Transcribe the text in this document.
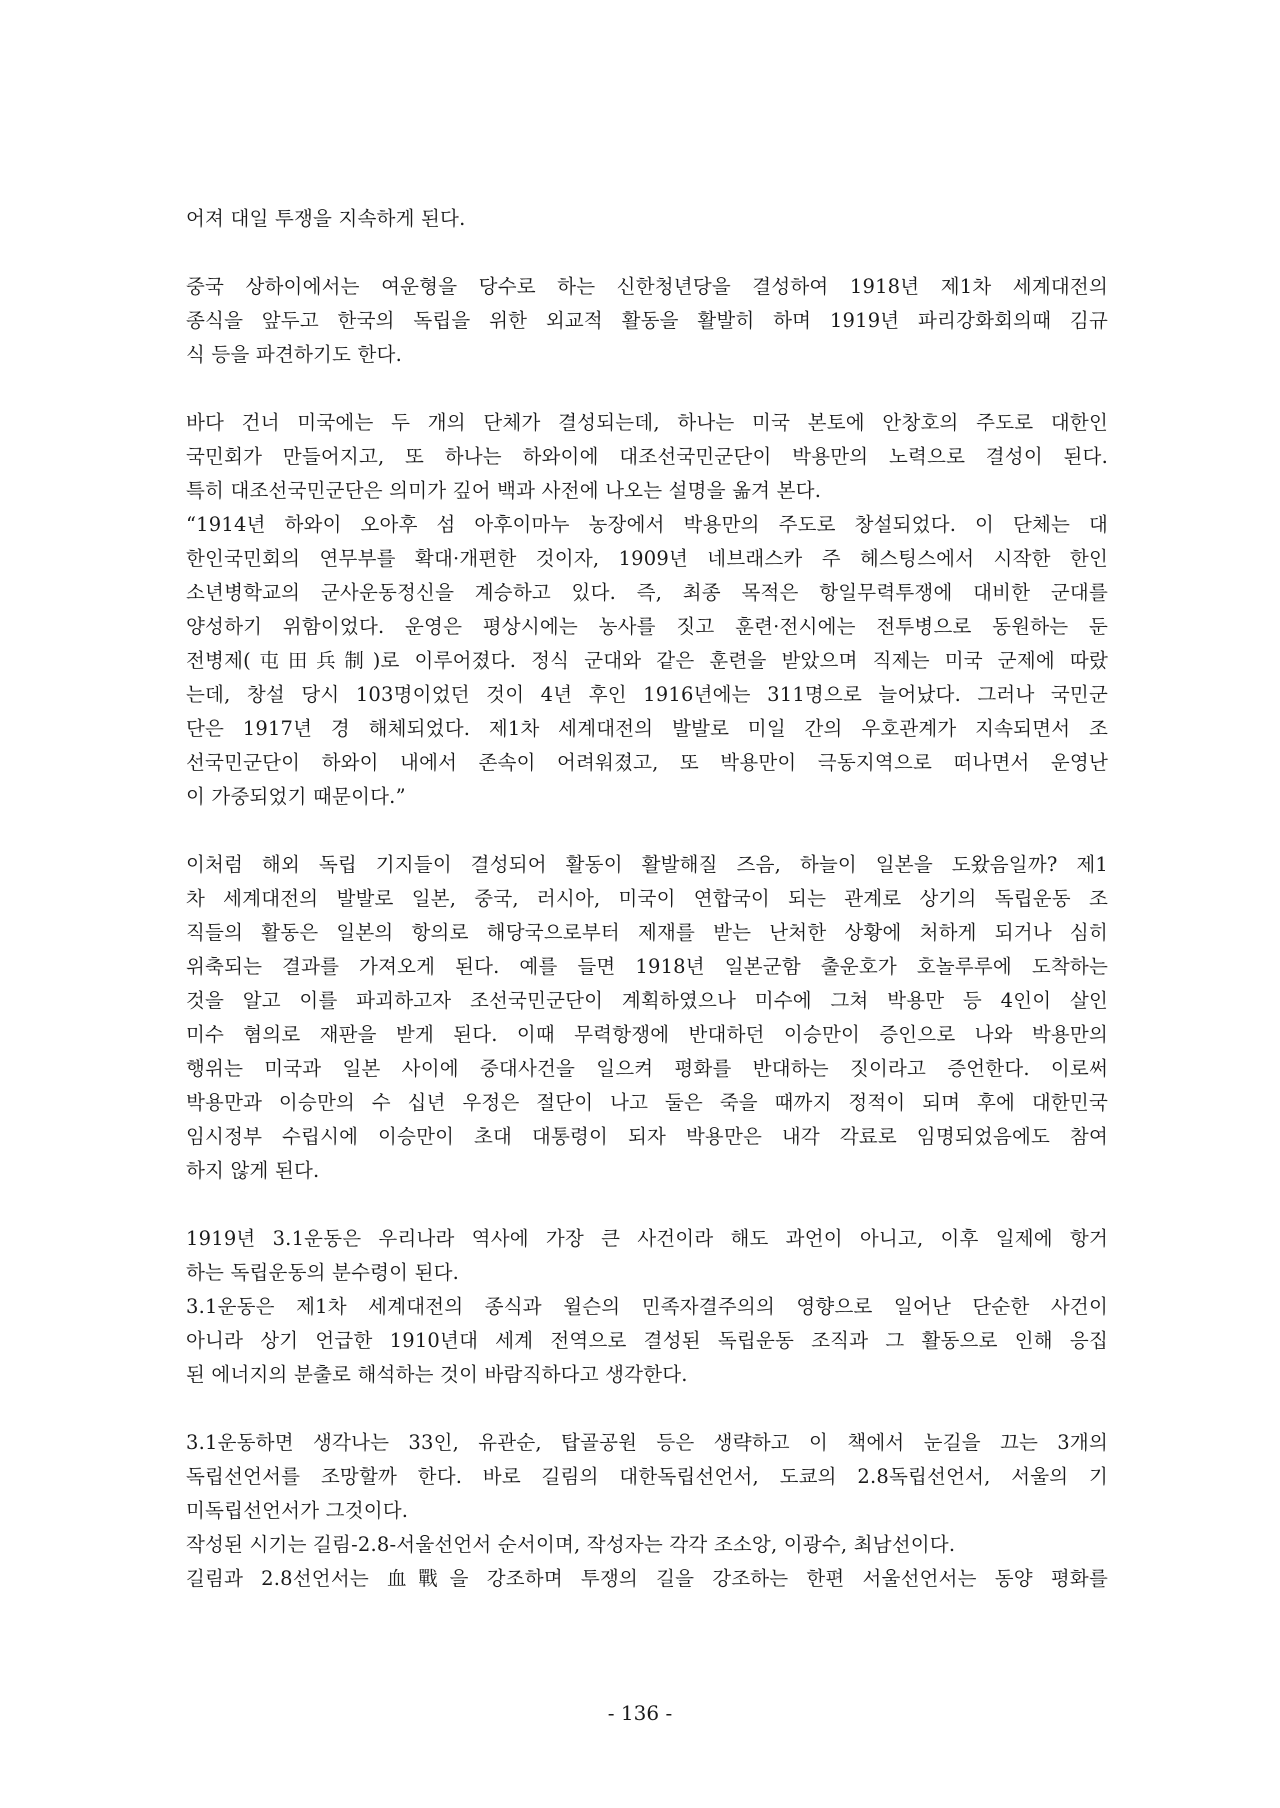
어져 대일 투쟁을 지속하게 된다.
중국 상하이에서는 여운형을 당수로 하는 신한청년당을 결성하여 1918년 제1차 세계대전의
종식을 앞두고 한국의 독립을 위한 외교적 활동을 활발히 하며 1919년 파리강화회의때 김규
식 등을 파견하기도 한다.
바다 건너 미국에는 두 개의 단체가 결성되는데, 하나는 미국 본토에 안창호의 주도로 대한인
국민회가 만들어지고, 또 하나는 하와이에 대조선국민군단이 박용만의 노력으로 결성이 된다.
특히 대조선국민군단은 의미가 깊어 백과 사전에 나오는 설명을 옮겨 본다.
“1914년 하와이 오아후 섬 아후이마누 농장에서 박용만의 주도로 창설되었다. 이 단체는 대
한인국민회의 연무부를 확대·개편한 것이자, 1909년 네브래스카 주 헤스팅스에서 시작한 한인
소년병학교의 군사운동정신을 계승하고 있다. 즉, 최종 목적은 항일무력투쟁에 대비한 군대를
양성하기 위함이었다. 운영은 평상시에는 농사를 짓고 훈련·전시에는 전투병으로 동원하는 둔
전병제(屯田兵制)로 이루어졌다. 정식 군대와 같은 훈련을 받았으며 직제는 미국 군제에 따랐
는데, 창설 당시 103명이었던 것이 4년 후인 1916년에는 311명으로 늘어났다. 그러나 국민군
단은 1917년 경 해체되었다. 제1차 세계대전의 발발로 미일 간의 우호관계가 지속되면서 조
선국민군단이 하와이 내에서 존속이 어려워졌고, 또 박용만이 극동지역으로 떠나면서 운영난
이 가중되었기 때문이다.”
이처럼 해외 독립 기지들이 결성되어 활동이 활발해질 즈음, 하늘이 일본을 도왔음일까? 제1
차 세계대전의 발발로 일본, 중국, 러시아, 미국이 연합국이 되는 관계로 상기의 독립운동 조
직들의 활동은 일본의 항의로 해당국으로부터 제재를 받는 난처한 상황에 처하게 되거나 심히
위축되는 결과를 가져오게 된다. 예를 들면 1918년 일본군함 출운호가 호놀루루에 도착하는
것을 알고 이를 파괴하고자 조선국민군단이 계획하였으나 미수에 그쳐 박용만 등 4인이 살인
미수 혐의로 재판을 받게 된다. 이때 무력항쟁에 반대하던 이승만이 증인으로 나와 박용만의
행위는 미국과 일본 사이에 중대사건을 일으켜 평화를 반대하는 짓이라고 증언한다. 이로써
박용만과 이승만의 수 십년 우정은 절단이 나고 둘은 죽을 때까지 정적이 되며 후에 대한민국
임시정부 수립시에 이승만이 초대 대통령이 되자 박용만은 내각 각료로 임명되었음에도 참여
하지 않게 된다.
1919년 3.1운동은 우리나라 역사에 가장 큰 사건이라 해도 과언이 아니고, 이후 일제에 항거
하는 독립운동의 분수령이 된다.
3.1운동은 제1차 세계대전의 종식과 윌슨의 민족자결주의의 영향으로 일어난 단순한 사건이
아니라 상기 언급한 1910년대 세계 전역으로 결성된 독립운동 조직과 그 활동으로 인해 응집
된 에너지의 분출로 해석하는 것이 바람직하다고 생각한다.
3.1운동하면 생각나는 33인, 유관순, 탑골공원 등은 생략하고 이 책에서 눈길을 끄는 3개의
독립선언서를 조망할까 한다. 바로 길림의 대한독립선언서, 도쿄의 2.8독립선언서, 서울의 기
미독립선언서가 그것이다.
작성된 시기는 길림-2.8-서울선언서 순서이며, 작성자는 각각 조소앙, 이광수, 최남선이다.
길림과 2.8선언서는 血戰을 강조하며 투쟁의 길을 강조하는 한편 서울선언서는 동양 평화를
- 136 -
